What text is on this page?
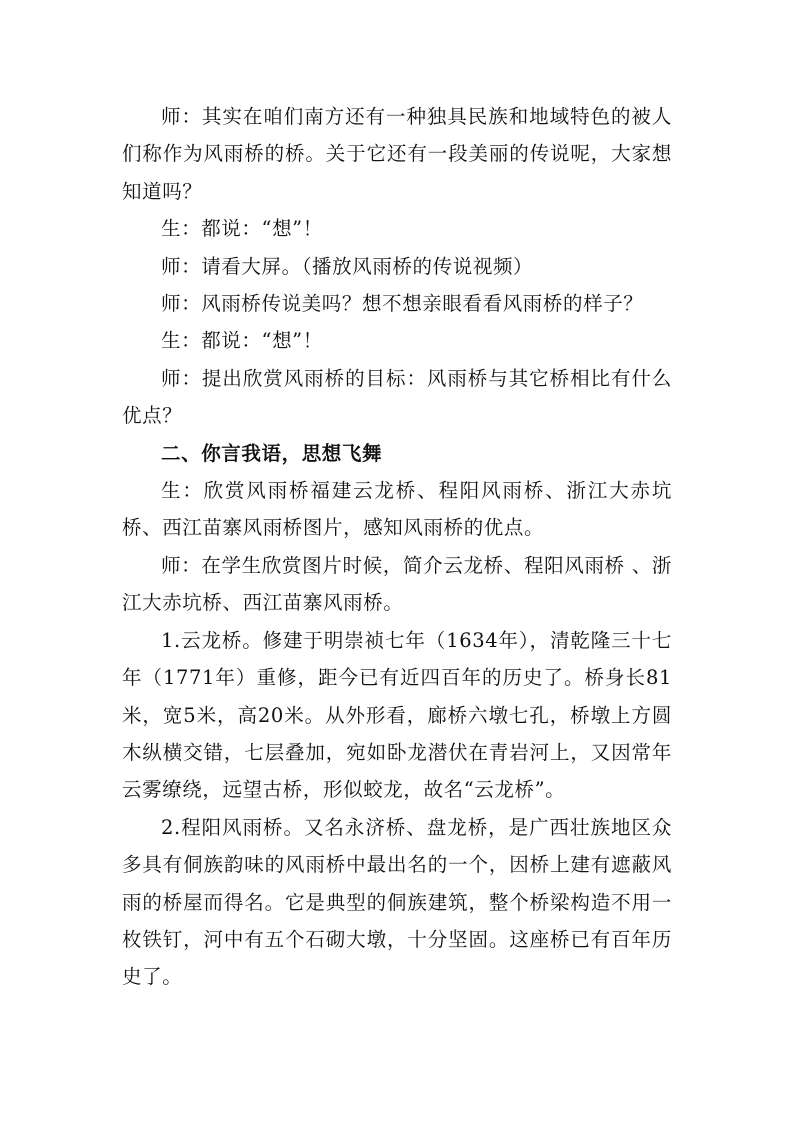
师：其实在咱们南方还有一种独具民族和地域特色的被人们称作为风雨桥的桥。关于它还有一段美丽的传说呢，大家想知道吗？

生：都说：“想”！

师：请看大屏。（播放风雨桥的传说视频）

师：风雨桥传说美吗？想不想亲眼看看风雨桥的样子？

生：都说：“想”！

师：提出欣赏风雨桥的目标：风雨桥与其它桥相比有什么优点？

二、你言我语，思想飞舞

生：欣赏风雨桥福建云龙桥、程阳风雨桥、浙江大赤坑桥、西江苗寨风雨桥图片，感知风雨桥的优点。

师：在学生欣赏图片时候，简介云龙桥、程阳风雨桥 、浙江大赤坑桥、西江苗寨风雨桥。

1.云龙桥。修建于明崇祯七年（1634年），清乾隆三十七年（1771年）重修，距今已有近四百年的历史了。桥身长81米，宽5米，高20米。从外形看，廊桥六墩七孔，桥墩上方圆木纵横交错，七层叠加，宛如卧龙潜伏在青岩河上，又因常年云雾缭绕，远望古桥，形似蛟龙，故名“云龙桥”。

2.程阳风雨桥。又名永济桥、盘龙桥，是广西壮族地区众多具有侗族韵味的风雨桥中最出名的一个，因桥上建有遮蔽风雨的桥屋而得名。它是典型的侗族建筑，整个桥梁构造不用一枚铁钉，河中有五个石砌大墩，十分坚固。这座桥已有百年历史了。
